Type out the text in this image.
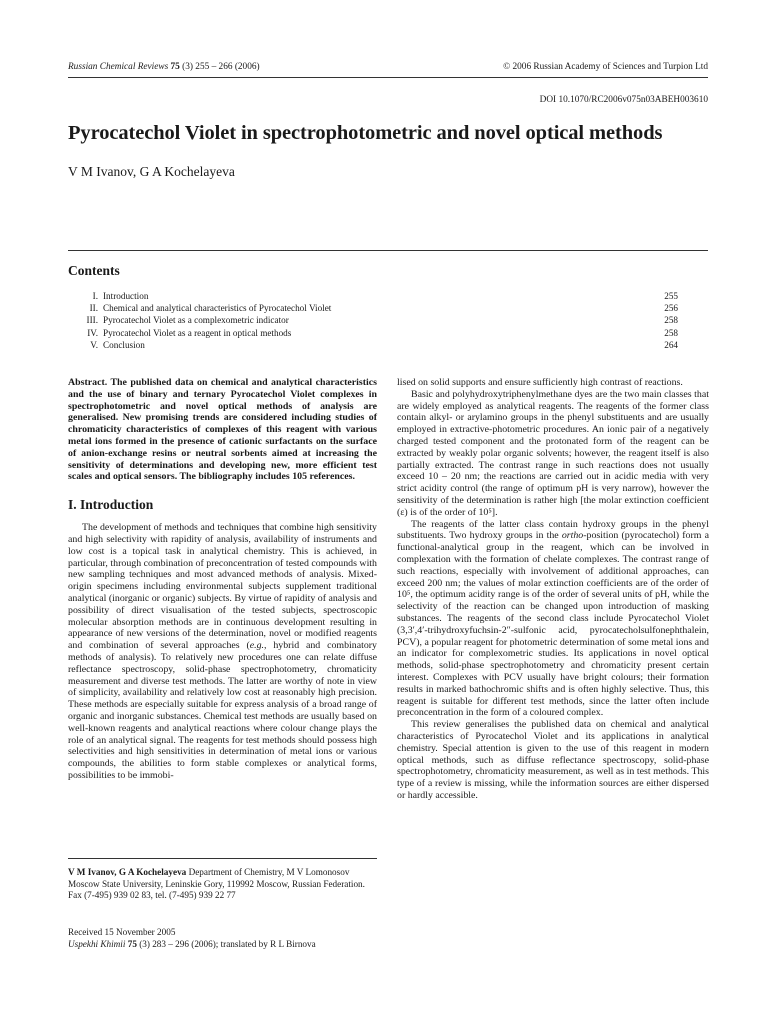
Russian Chemical Reviews 75 (3) 255 – 266 (2006)	© 2006 Russian Academy of Sciences and Turpion Ltd
DOI 10.1070/RC2006v075n03ABEH003610
Pyrocatechol Violet in spectrophotometric and novel optical methods
V M Ivanov, G A Kochelayeva
Contents
I. Introduction	255
II. Chemical and analytical characteristics of Pyrocatechol Violet	256
III. Pyrocatechol Violet as a complexometric indicator	258
IV. Pyrocatechol Violet as a reagent in optical methods	258
V. Conclusion	264

Abstract. The published data on chemical and analytical characteristics and the use of binary and ternary Pyrocatechol Violet complexes in spectrophotometric and novel optical methods of analysis are generalised. New promising trends are considered including studies of chromaticity characteristics of complexes of this reagent with various metal ions formed in the presence of cationic surfactants on the surface of anion-exchange resins or neutral sorbents aimed at increasing the sensitivity of determinations and developing new, more efficient test scales and optical sensors. The bibliography includes 105 references.

I. Introduction

The development of methods and techniques that combine high sensitivity and high selectivity with rapidity of analysis, availability of instruments and low cost is a topical task in analytical chemistry. This is achieved, in particular, through combination of preconcentration of tested compounds with new sampling techniques and most advanced methods of analysis. Mixed-origin specimens including environmental subjects supplement traditional analytical (inorganic or organic) subjects. By virtue of rapidity of analysis and possibility of direct visualisation of the tested subjects, spectroscopic molecular absorption methods are in continuous development resulting in appearance of new versions of the determination, novel or modified reagents and combination of several approaches (e.g., hybrid and combinatory methods of analysis). To relatively new procedures one can relate diffuse reflectance spectroscopy, solid-phase spectrophotometry, chromaticity measurement and diverse test methods. The latter are worthy of note in view of simplicity, availability and relatively low cost at reasonably high precision. These methods are especially suitable for express analysis of a broad range of organic and inorganic substances. Chemical test methods are usually based on well-known reagents and analytical reactions where colour change plays the role of an analytical signal. The reagents for test methods should possess high selectivities and high sensitivities in determination of metal ions or various compounds, the abilities to form stable complexes or analytical forms, possibilities to be immobi-

lised on solid supports and ensure sufficiently high contrast of reactions.

Basic and polyhydroxytriphenylmethane dyes are the two main classes that are widely employed as analytical reagents. The reagents of the former class contain alkyl- or arylamino groups in the phenyl substituents and are usually employed in extractive-photometric procedures. An ionic pair of a negatively charged tested component and the protonated form of the reagent can be extracted by weakly polar organic solvents; however, the reagent itself is also partially extracted. The contrast range in such reactions does not usually exceed 10 – 20 nm; the reactions are carried out in acidic media with very strict acidity control (the range of optimum pH is very narrow), however the sensitivity of the determination is rather high [the molar extinction coefficient (ε) is of the order of 10⁵].

The reagents of the latter class contain hydroxy groups in the phenyl substituents. Two hydroxy groups in the ortho-position (pyrocatechol) form a functional-analytical group in the reagent, which can be involved in complexation with the formation of chelate complexes. The contrast range of such reactions, especially with involvement of additional approaches, can exceed 200 nm; the values of molar extinction coefficients are of the order of 10⁵, the optimum acidity range is of the order of several units of pH, while the selectivity of the reaction can be changed upon introduction of masking substances. The reagents of the second class include Pyrocatechol Violet (3,3′,4′-trihydroxyfuchsin-2″-sulfonic acid, pyrocatecholsulfonephthalein, PCV), a popular reagent for photometric determination of some metal ions and an indicator for complexometric studies. Its applications in novel optical methods, solid-phase spectrophotometry and chromaticity present certain interest. Complexes with PCV usually have bright colours; their formation results in marked bathochromic shifts and is often highly selective. Thus, this reagent is suitable for different test methods, since the latter often include preconcentration in the form of a coloured complex.

This review generalises the published data on chemical and analytical characteristics of Pyrocatechol Violet and its applications in analytical chemistry. Special attention is given to the use of this reagent in modern optical methods, such as diffuse reflectance spectroscopy, solid-phase spectrophotometry, chromaticity measurement, as well as in test methods. This type of a review is missing, while the information sources are either dispersed or hardly accessible.

V M Ivanov, G A Kochelayeva Department of Chemistry, M V Lomonosov Moscow State University, Leninskie Gory, 119992 Moscow, Russian Federation. Fax (7-495) 939 02 83, tel. (7-495) 939 22 77
Received 15 November 2005
Uspekhi Khimii 75 (3) 283 – 296 (2006); translated by R L Birnova
